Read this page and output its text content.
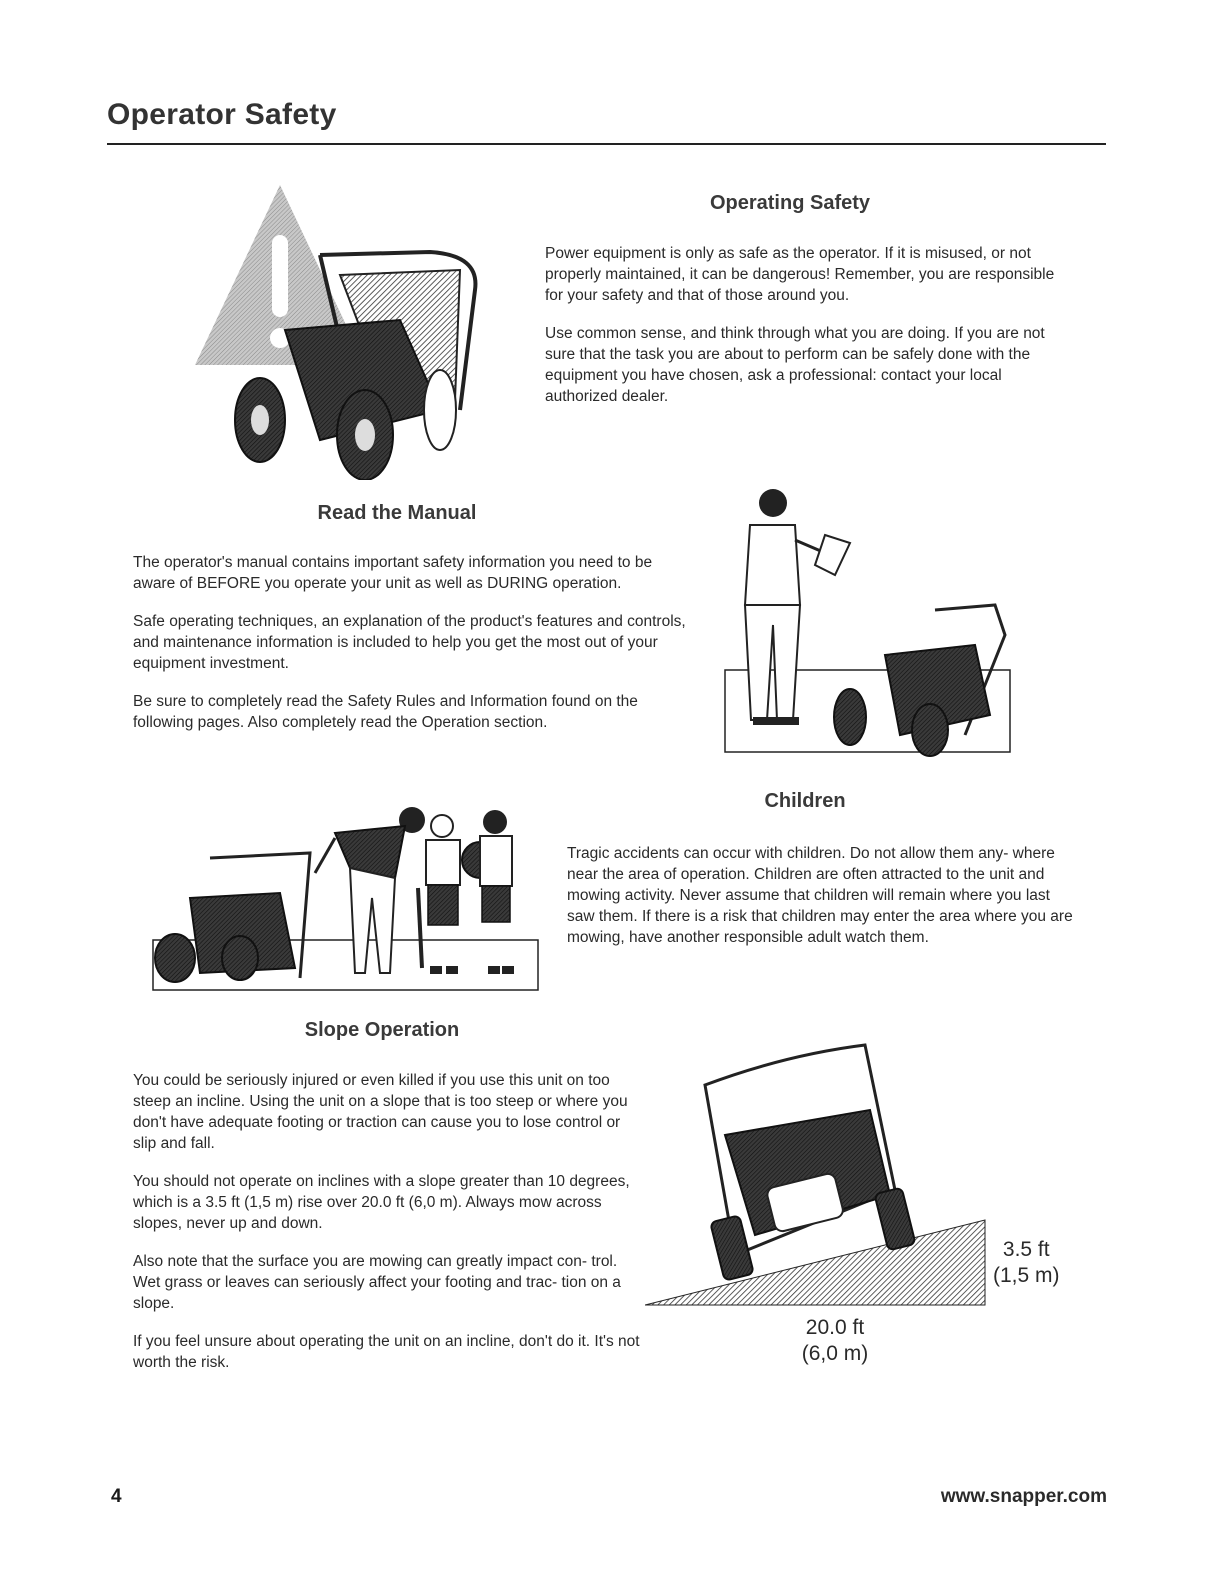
Operator Safety
Operating Safety

Power equipment is only as safe as the operator. If it is misused, or not properly maintained, it can be dangerous! Remember, you are responsible for your safety and that of those around you.

Use common sense, and think through what you are doing. If you are not sure that the task you are about to perform can be safely done with the equipment you have chosen, ask a professional: contact your local authorized dealer.

Read the Manual

The operator's manual contains important safety information you need to be aware of BEFORE you operate your unit as well as DURING operation.

Safe operating techniques, an explanation of the product's features and controls, and maintenance information is included to help you get the most out of your equipment investment.

Be sure to completely read the Safety Rules and Information found on the following pages. Also completely read the Operation section.

Children

Tragic accidents can occur with children. Do not allow them any- where near the area of operation. Children are often attracted to the unit and mowing activity. Never assume that children will remain where you last saw them. If there is a risk that children may enter the area where you are mowing, have another responsible adult watch them.

Slope Operation

You could be seriously injured or even killed if you use this unit on too steep an incline. Using the unit on a slope that is too steep or where you don't have adequate footing or traction can cause you to lose control or slip and fall.

You should not operate on inclines with a slope greater than 10 degrees, which is a 3.5 ft (1,5 m) rise over 20.0 ft (6,0 m). Always mow across slopes, never up and down.

Also note that the surface you are mowing can greatly impact con- trol. Wet grass or leaves can seriously affect your footing and trac- tion on a slope.

If you feel unsure about operating the unit on an incline, don't do it. It's not worth the risk.

3.5 ft
(1,5 m)
20.0 ft
(6,0 m)
4	www.snapper.com
